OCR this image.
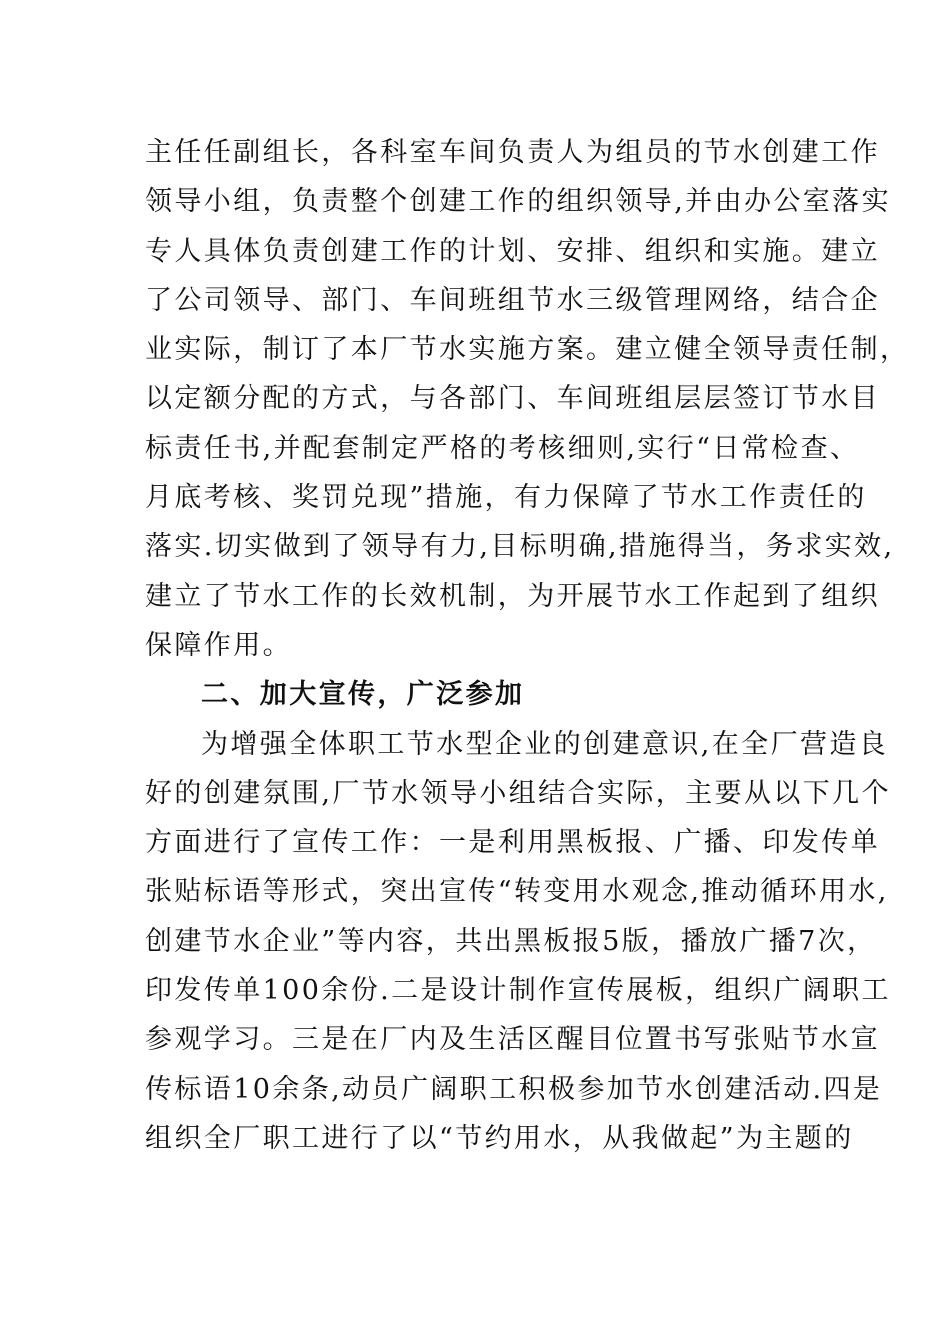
主任任副组长，各科室车间负责人为组员的节水创建工作
领导小组，负责整个创建工作的组织领导,并由办公室落实
专人具体负责创建工作的计划、安排、组织和实施。建立
了公司领导、部门、车间班组节水三级管理网络，结合企
业实际，制订了本厂节水实施方案。建立健全领导责任制，
以定额分配的方式，与各部门、车间班组层层签订节水目
标责任书,并配套制定严格的考核细则,实行“日常检查、
月底考核、奖罚兑现”措施，有力保障了节水工作责任的
落实.切实做到了领导有力,目标明确,措施得当，务求实效,
建立了节水工作的长效机制，为开展节水工作起到了组织
保障作用。
二、加大宣传，广泛参加
为增强全体职工节水型企业的创建意识,在全厂营造良
好的创建氛围,厂节水领导小组结合实际，主要从以下几个
方面进行了宣传工作：一是利用黑板报、广播、印发传单
张贴标语等形式，突出宣传“转变用水观念,推动循环用水,
创建节水企业”等内容，共出黑板报5版，播放广播7次，
印发传单100余份.二是设计制作宣传展板，组织广阔职工
参观学习。三是在厂内及生活区醒目位置书写张贴节水宣
传标语10余条,动员广阔职工积极参加节水创建活动.四是
组织全厂职工进行了以“节约用水，从我做起”为主题的
